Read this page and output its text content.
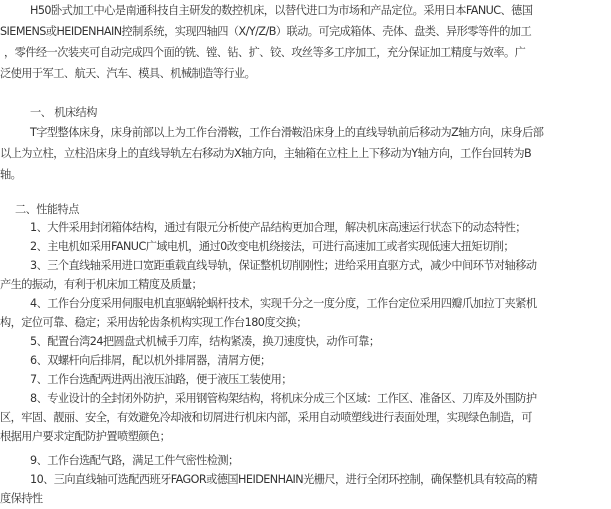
H50卧式加工中心是南通科技自主研发的数控机床，以替代进口为市场和产品定位。采用日本FANUC、德国

SIEMENS或HEIDENHAIN控制系统，实现四轴四（X/Y/Z/B）联动。可完成箱体、壳体、盘类、异形零等件的加工

，零件经一次装夹可自动完成四个面的铣、镗、钻、扩、铰、攻丝等多工序加工，充分保证加工精度与效率。广

泛使用于军工、航天、汽车、模具、机械制造等行业。

一、 机床结构

T字型整体床身，床身前部以上为工作台滑鞍，工作台滑鞍沿床身上的直线导轨前后移动为Z轴方向，床身后部

以上为立柱，立柱沿床身上的直线导轨左右移动为X轴方向，主轴箱在立柱上上下移动为Y轴方向，工作台回转为B

轴。

二、性能特点

1、大件采用封闭箱体结构，通过有限元分析使产品结构更加合理，解决机床高速运行状态下的动态特性；

2、主电机如采用FANUC广域电机，通过0改变电机绕接法，可进行高速加工或者实现低速大扭矩切削；

3、三个直线轴采用进口宽距重载直线导轨，保证整机切削刚性；进给采用直驱方式，减少中间环节对轴移动

产生的振动，有利于机床加工精度及质量；

4、工作台分度采用伺服电机直驱蜗轮蜗杆技术，实现千分之一度分度，工作台定位采用四瓣爪加拉丁夹紧机

构，定位可靠、稳定；采用齿轮齿条机构实现工作台180度交换；

5、配置台湾24把圆盘式机械手刀库，结构紧凑，换刀速度快，动作可靠；

6、双螺杆向后排屑，配以机外排屑器，清屑方便；

7、工作台选配两进两出液压油路，便于液压工装使用；

8、专业设计的全封闭外防护，采用钢管构架结构，将机床分成三个区域：工作区、准备区、刀库及外围防护

区，牢固、靓丽、安全，有效避免冷却液和切屑进行机床内部，采用自动喷塑线进行表面处理，实现绿色制造，可

根据用户要求定配防护置喷塑颜色；

9、工作台选配气路，满足工件气密性检测；

10、三向直线轴可选配西班牙FAGOR或德国HEIDENHAIN光栅尺，进行全闭环控制，确保整机具有较高的精

度保持性
